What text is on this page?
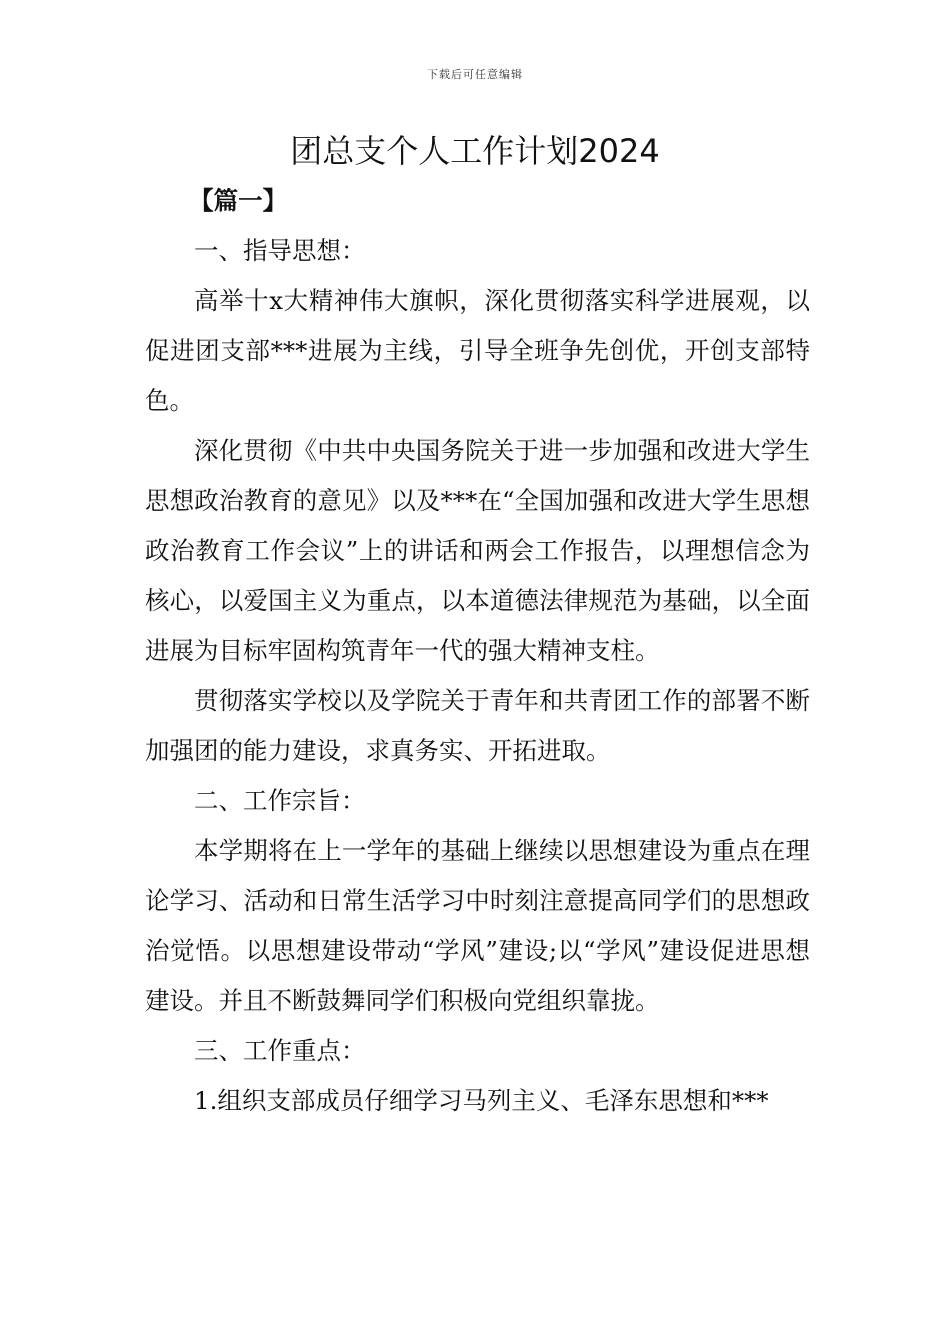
下载后可任意编辑
团总支个人工作计划2024

【篇一】

一、指导思想：

高举十x大精神伟大旗帜，深化贯彻落实科学进展观，以促进团支部***进展为主线，引导全班争先创优，开创支部特色。

深化贯彻《中共中央国务院关于进一步加强和改进大学生思想政治教育的意见》以及***在“全国加强和改进大学生思想政治教育工作会议”上的讲话和两会工作报告，以理想信念为核心，以爱国主义为重点，以本道德法律规范为基础，以全面进展为目标牢固构筑青年一代的强大精神支柱。

贯彻落实学校以及学院关于青年和共青团工作的部署不断加强团的能力建设，求真务实、开拓进取。

二、工作宗旨：

本学期将在上一学年的基础上继续以思想建设为重点在理论学习、活动和日常生活学习中时刻注意提高同学们的思想政治觉悟。以思想建设带动“学风”建设;以“学风”建设促进思想建设。并且不断鼓舞同学们积极向党组织靠拢。

三、工作重点：

1.组织支部成员仔细学习马列主义、毛泽东思想和***
